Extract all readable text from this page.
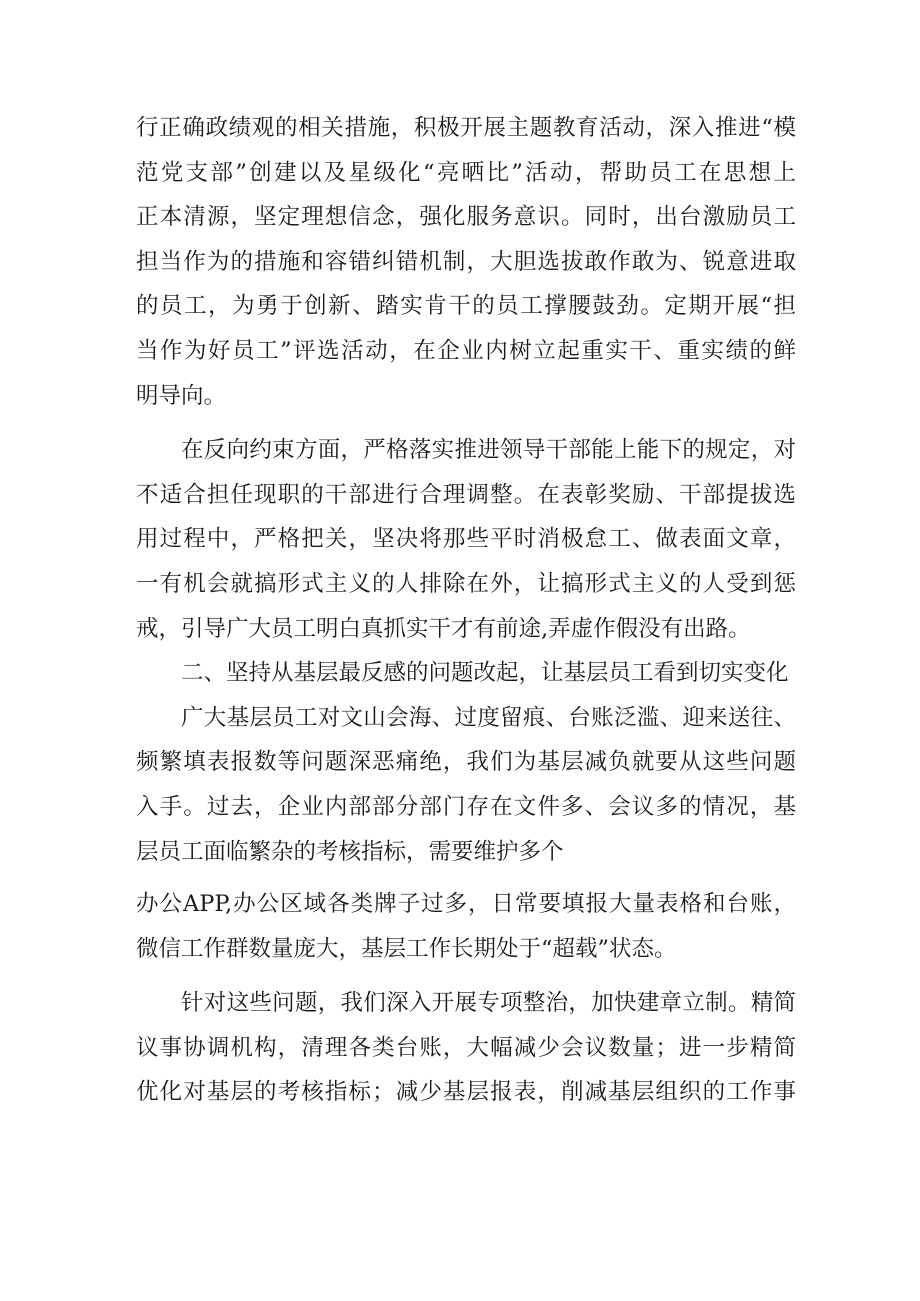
行正确政绩观的相关措施，积极开展主题教育活动，深入推进“模
范党支部”创建以及星级化“亮晒比”活动，帮助员工在思想上
正本清源，坚定理想信念，强化服务意识。同时，出台激励员工
担当作为的措施和容错纠错机制，大胆选拔敢作敢为、锐意进取
的员工，为勇于创新、踏实肯干的员工撑腰鼓劲。定期开展“担
当作为好员工”评选活动，在企业内树立起重实干、重实绩的鲜
明导向。
在反向约束方面，严格落实推进领导干部能上能下的规定，对
不适合担任现职的干部进行合理调整。在表彰奖励、干部提拔选
用过程中，严格把关，坚决将那些平时消极怠工、做表面文章，
一有机会就搞形式主义的人排除在外，让搞形式主义的人受到惩
戒，引导广大员工明白真抓实干才有前途,弄虚作假没有出路。
二、坚持从基层最反感的问题改起，让基层员工看到切实变化
广大基层员工对文山会海、过度留痕、台账泛滥、迎来送往、
频繁填表报数等问题深恶痛绝，我们为基层减负就要从这些问题
入手。过去，企业内部部分部门存在文件多、会议多的情况，基
层员工面临繁杂的考核指标，需要维护多个
办公APP,办公区域各类牌子过多，日常要填报大量表格和台账，
微信工作群数量庞大，基层工作长期处于“超载”状态。
针对这些问题，我们深入开展专项整治，加快建章立制。精简
议事协调机构，清理各类台账，大幅减少会议数量；进一步精简
优化对基层的考核指标；减少基层报表，削减基层组织的工作事
